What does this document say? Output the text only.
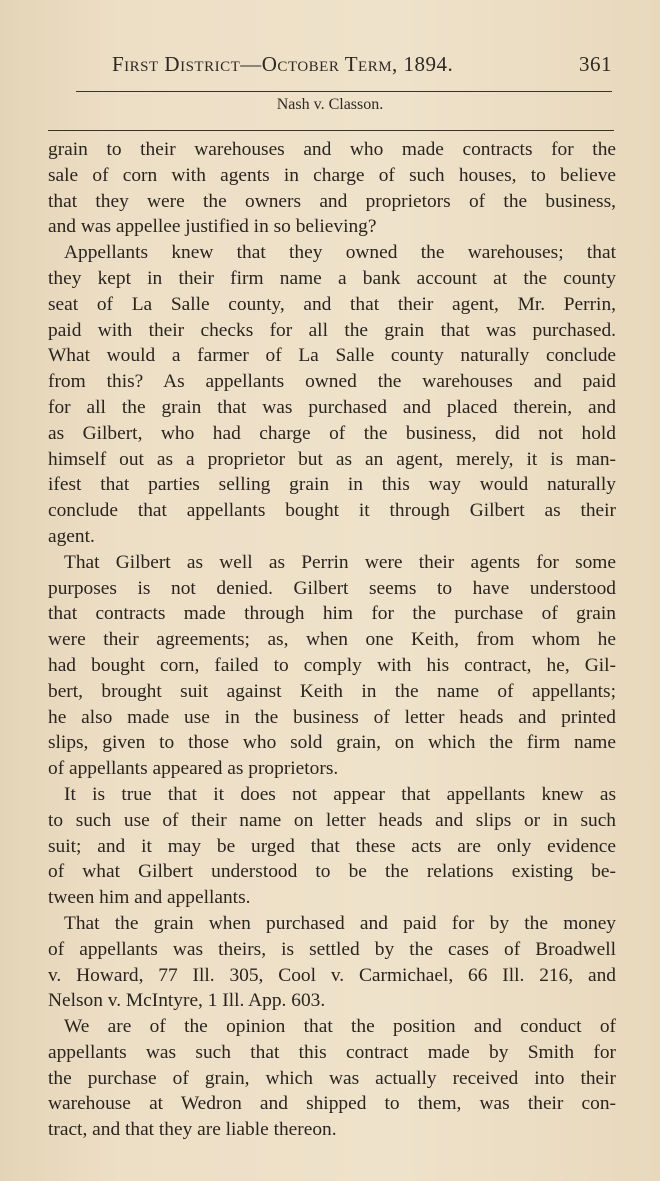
First District—October Term, 1894.	361
Nash v. Classon.
grain to their warehouses and who made contracts for the
sale of corn with agents in charge of such houses, to believe
that they were the owners and proprietors of the business,
and was appellee justified in so believing?
Appellants knew that they owned the warehouses; that
they kept in their firm name a bank account at the county
seat of La Salle county, and that their agent, Mr. Perrin,
paid with their checks for all the grain that was purchased.
What would a farmer of La Salle county naturally conclude
from this? As appellants owned the warehouses and paid
for all the grain that was purchased and placed therein, and
as Gilbert, who had charge of the business, did not hold
himself out as a proprietor but as an agent, merely, it is man-
ifest that parties selling grain in this way would naturally
conclude that appellants bought it through Gilbert as their
agent.
That Gilbert as well as Perrin were their agents for some
purposes is not denied. Gilbert seems to have understood
that contracts made through him for the purchase of grain
were their agreements; as, when one Keith, from whom he
had bought corn, failed to comply with his contract, he, Gil-
bert, brought suit against Keith in the name of appellants;
he also made use in the business of letter heads and printed
slips, given to those who sold grain, on which the firm name
of appellants appeared as proprietors.
It is true that it does not appear that appellants knew as
to such use of their name on letter heads and slips or in such
suit; and it may be urged that these acts are only evidence
of what Gilbert understood to be the relations existing be-
tween him and appellants.
That the grain when purchased and paid for by the money
of appellants was theirs, is settled by the cases of Broadwell
v. Howard, 77 Ill. 305, Cool v. Carmichael, 66 Ill. 216, and
Nelson v. McIntyre, 1 Ill. App. 603.
We are of the opinion that the position and conduct of
appellants was such that this contract made by Smith for
the purchase of grain, which was actually received into their
warehouse at Wedron and shipped to them, was their con-
tract, and that they are liable thereon.
